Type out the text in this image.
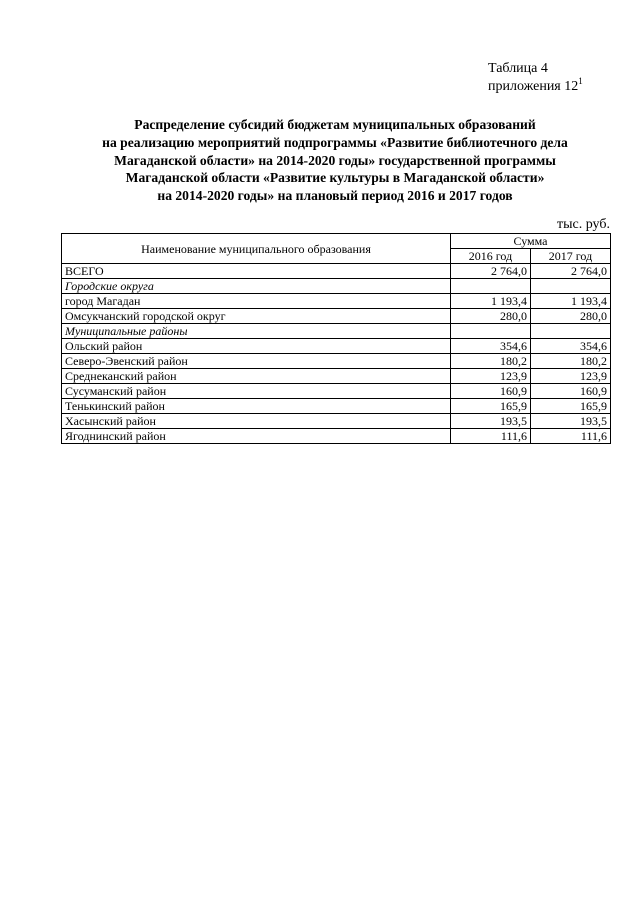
Таблица 4
приложения $12^1$
Распределение субсидий бюджетам муниципальных образований
на реализацию мероприятий подпрограммы «Развитие библиотечного дела
Магаданской области» на 2014-2020 годы» государственной программы
Магаданской области «Развитие культуры в Магаданской области»
на 2014-2020 годы» на плановый период 2016 и 2017 годов
тыс. руб.
Наименование муниципального образования	Сумма	
	2016 год	2017 год
ВСЕГО	2 764,0	2 764,0
Городские округа		
город Магадан	1 193,4	1 193,4
Омсукчанский городской округ	280,0	280,0
Муниципальные районы		
Ольский район	354,6	354,6
Северо-Эвенский район	180,2	180,2
Среднеканский район	123,9	123,9
Сусуманский район	160,9	160,9
Тенькинский район	165,9	165,9
Хасынский район	193,5	193,5
Ягоднинский район	111,6	111,6
